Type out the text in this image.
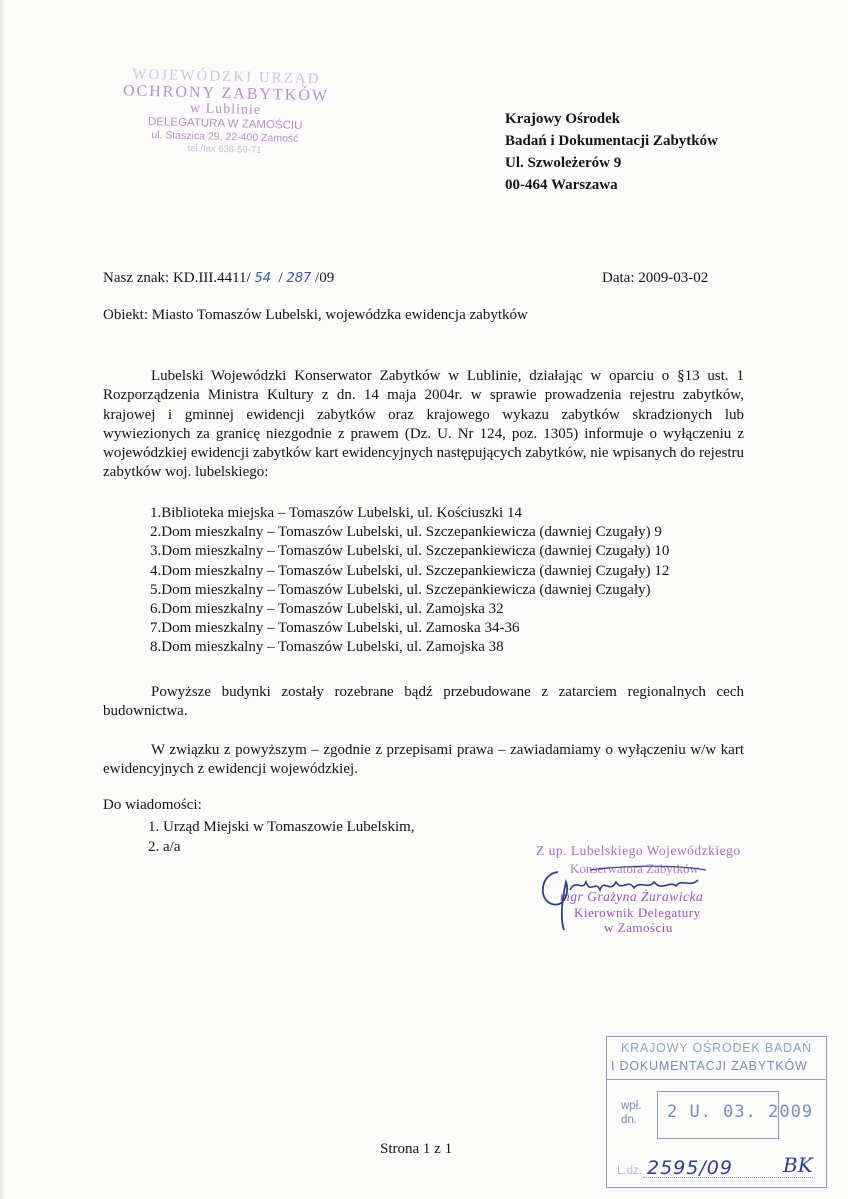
WOJEWÓDZKI URZĄD
OCHRONY ZABYTKÓW
w Lublinie
DELEGATURA W ZAMOŚCIU
ul. Staszica 29, 22-400 Zamość
tel./fax 638-59-71
Krajowy Ośrodek
Badań i Dokumentacji Zabytków
Ul. Szwoleżerów 9
00-464 Warszawa
Nasz znak: KD.III.4411/ 54 / 287 /09	Data: 2009-03-02
Obiekt: Miasto Tomaszów Lubelski, wojewódzka ewidencja zabytków
Lubelski Wojewódzki Konserwator Zabytków w Lublinie, działając w oparciu o §13 ust. 1 Rozporządzenia Ministra Kultury z dn. 14 maja 2004r. w sprawie prowadzenia rejestru zabytków, krajowej i gminnej ewidencji zabytków oraz krajowego wykazu zabytków skradzionych lub wywiezionych za granicę niezgodnie z prawem (Dz. U. Nr 124, poz. 1305) informuje o wyłączeniu z wojewódzkiej ewidencji zabytków kart ewidencyjnych następujących zabytków, nie wpisanych do rejestru zabytków woj. lubelskiego:
1.Biblioteka miejska – Tomaszów Lubelski, ul. Kościuszki 14
2.Dom mieszkalny – Tomaszów Lubelski, ul. Szczepankiewicza (dawniej Czugały) 9
3.Dom mieszkalny – Tomaszów Lubelski, ul. Szczepankiewicza (dawniej Czugały) 10
4.Dom mieszkalny – Tomaszów Lubelski, ul. Szczepankiewicza (dawniej Czugały) 12
5.Dom mieszkalny – Tomaszów Lubelski, ul. Szczepankiewicza (dawniej Czugały)
6.Dom mieszkalny – Tomaszów Lubelski, ul. Zamojska 32
7.Dom mieszkalny – Tomaszów Lubelski, ul. Zamoska 34-36
8.Dom mieszkalny – Tomaszów Lubelski, ul. Zamojska 38
Powyższe budynki zostały rozebrane bądź przebudowane z zatarciem regionalnych cech budownictwa.
W związku z powyższym – zgodnie z przepisami prawa – zawiadamiamy o wyłączeniu w/w kart ewidencyjnych z ewidencji wojewódzkiej.
Do wiadomości:
1. Urząd Miejski w Tomaszowie Lubelskim,
2. a/a	Z up. Lubelskiego Wojewódzkiego
Konserwatora Zabytków
mgr Grażyna Żurawicka
Kierownik Delegatury
w Zamościu
KRAJOWY OŚRODEK BADAŃ
I DOKUMENTACJI ZABYTKÓW
wpł.
dn. 2 U. 03. 2009
L.dz. 2595/09	BK
Strona 1 z 1
